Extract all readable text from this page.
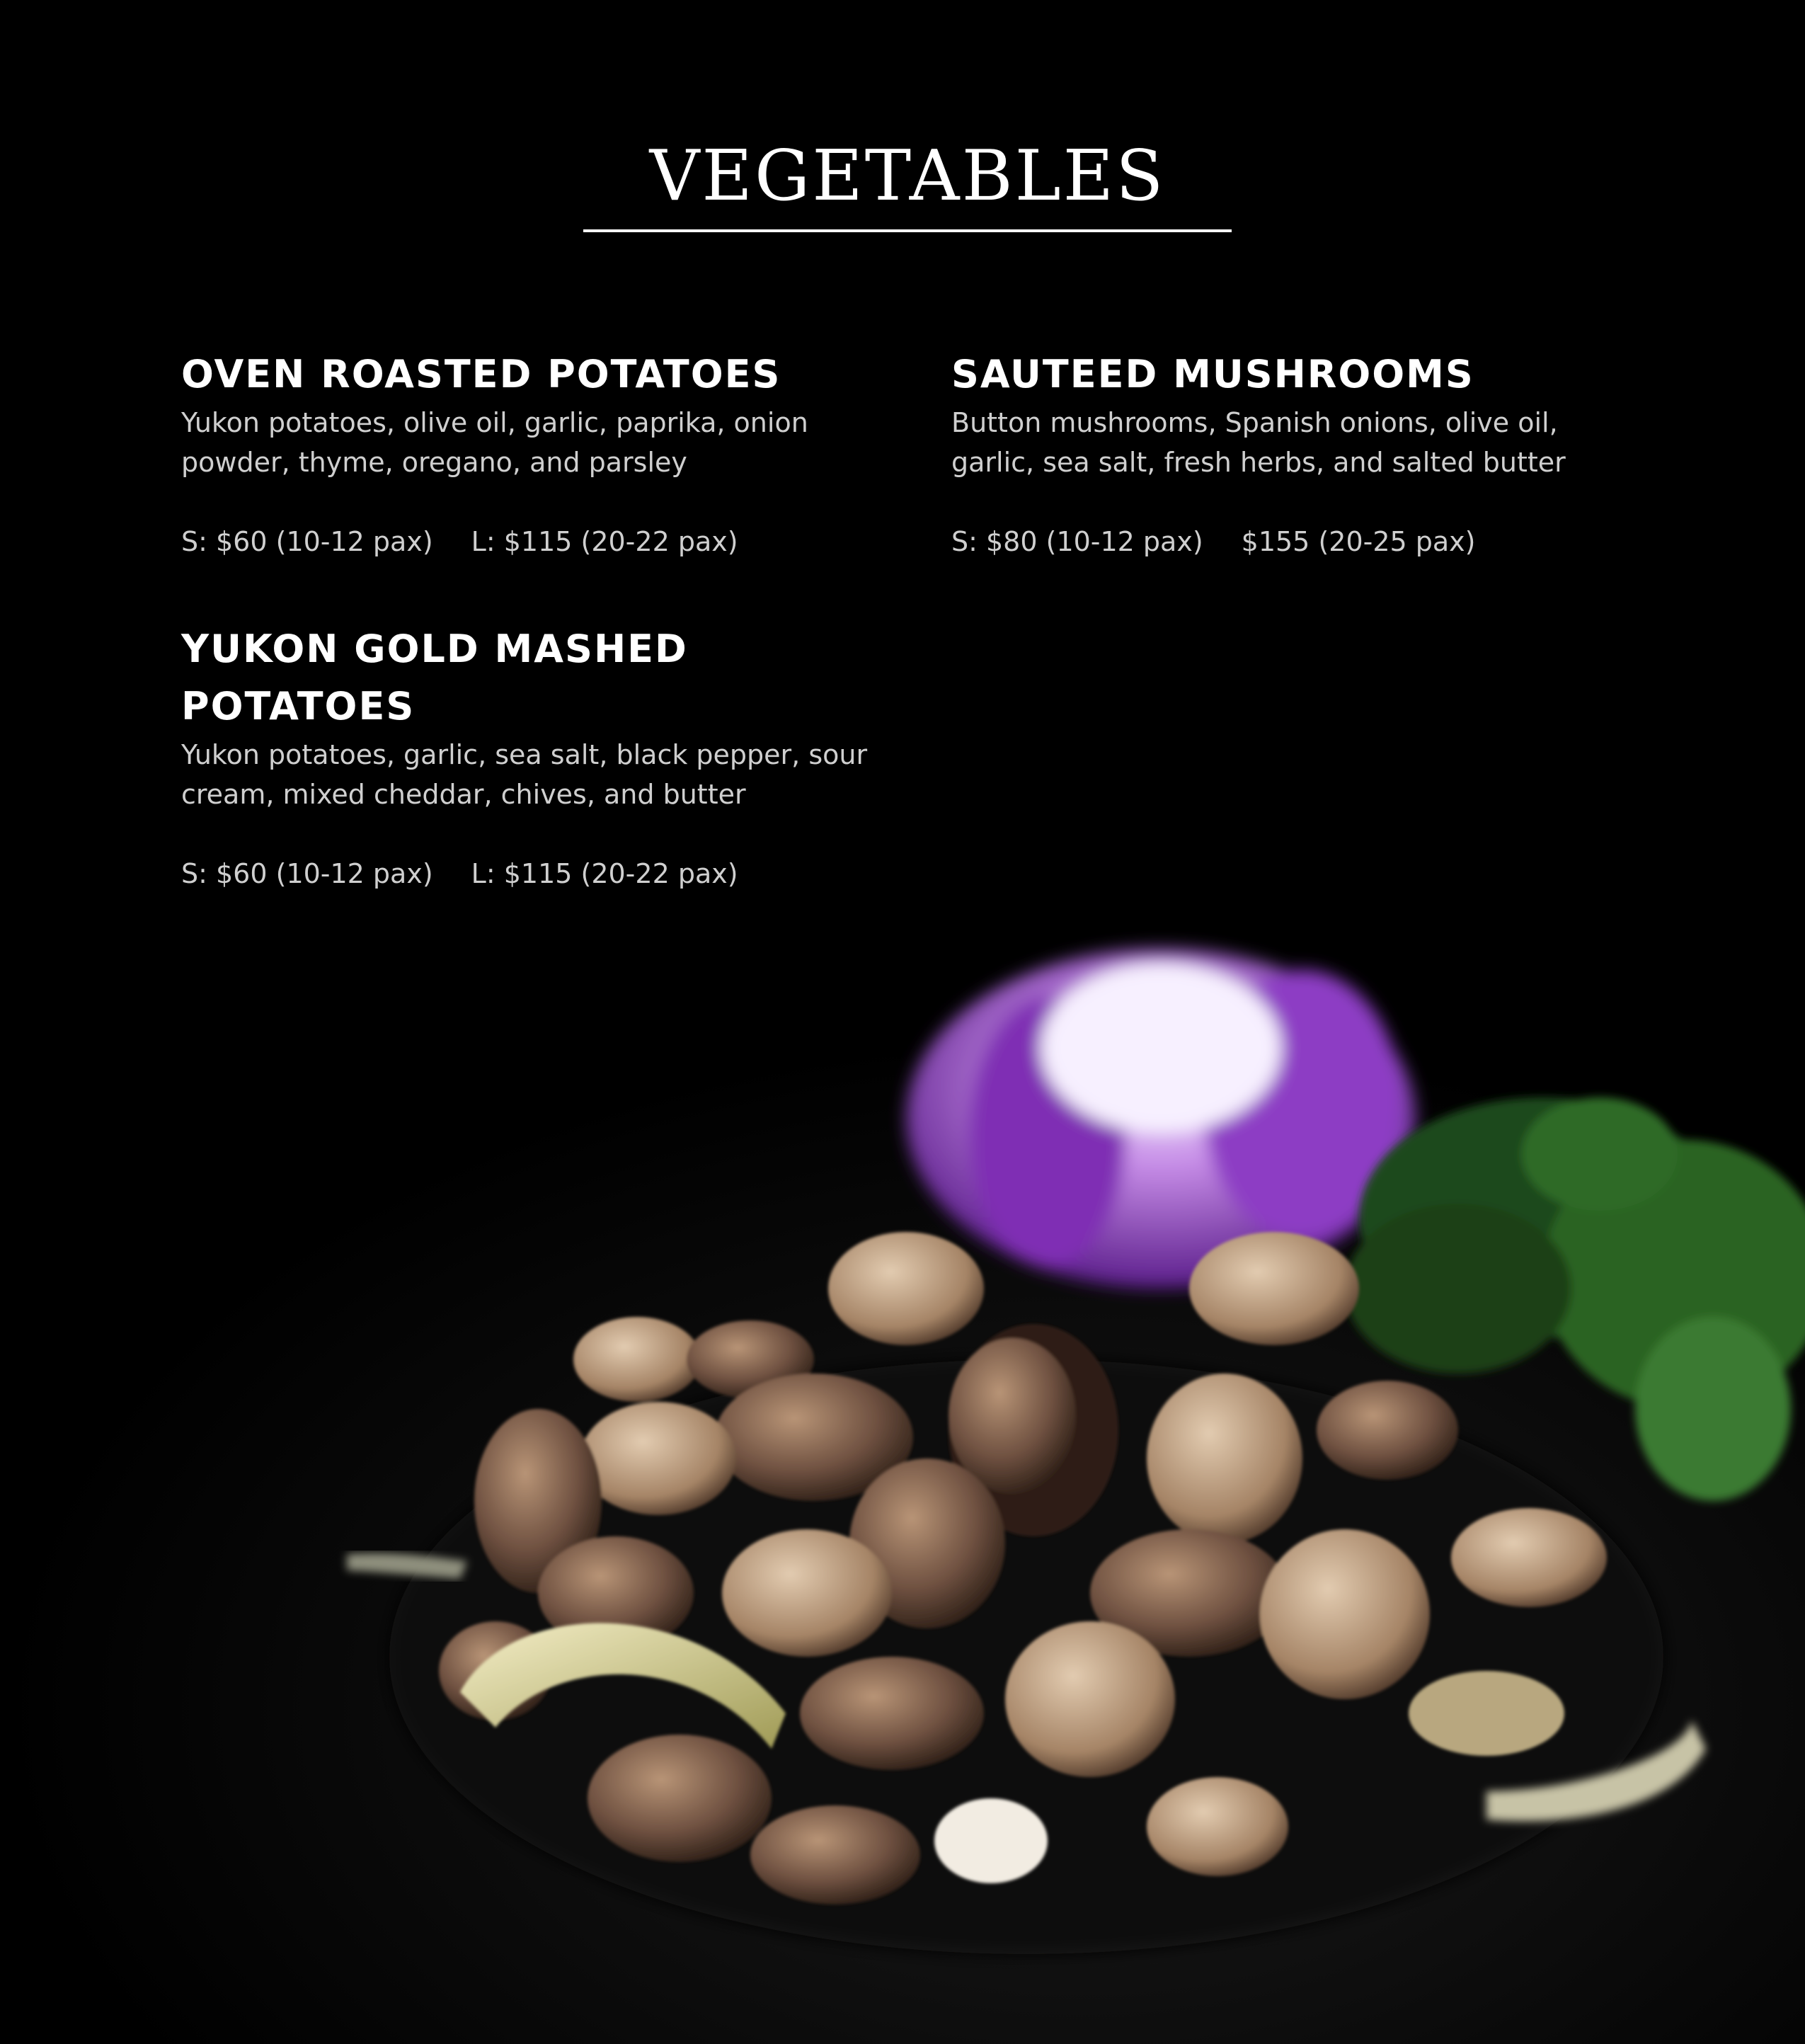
VEGETABLES
OVEN ROASTED POTATOES

Yukon potatoes, olive oil, garlic, paprika, onion powder, thyme, oregano, and parsley

S: $60 (10-12 pax) L: $115 (20-22 pax)
SAUTEED MUSHROOMS

Button mushrooms, Spanish onions, olive oil, garlic, sea salt, fresh herbs, and salted butter

S: $80 (10-12 pax) $155 (20-25 pax)
YUKON GOLD MASHED POTATOES

Yukon potatoes, garlic, sea salt, black pepper, sour cream, mixed cheddar, chives, and butter

S: $60 (10-12 pax) L: $115 (20-22 pax)
